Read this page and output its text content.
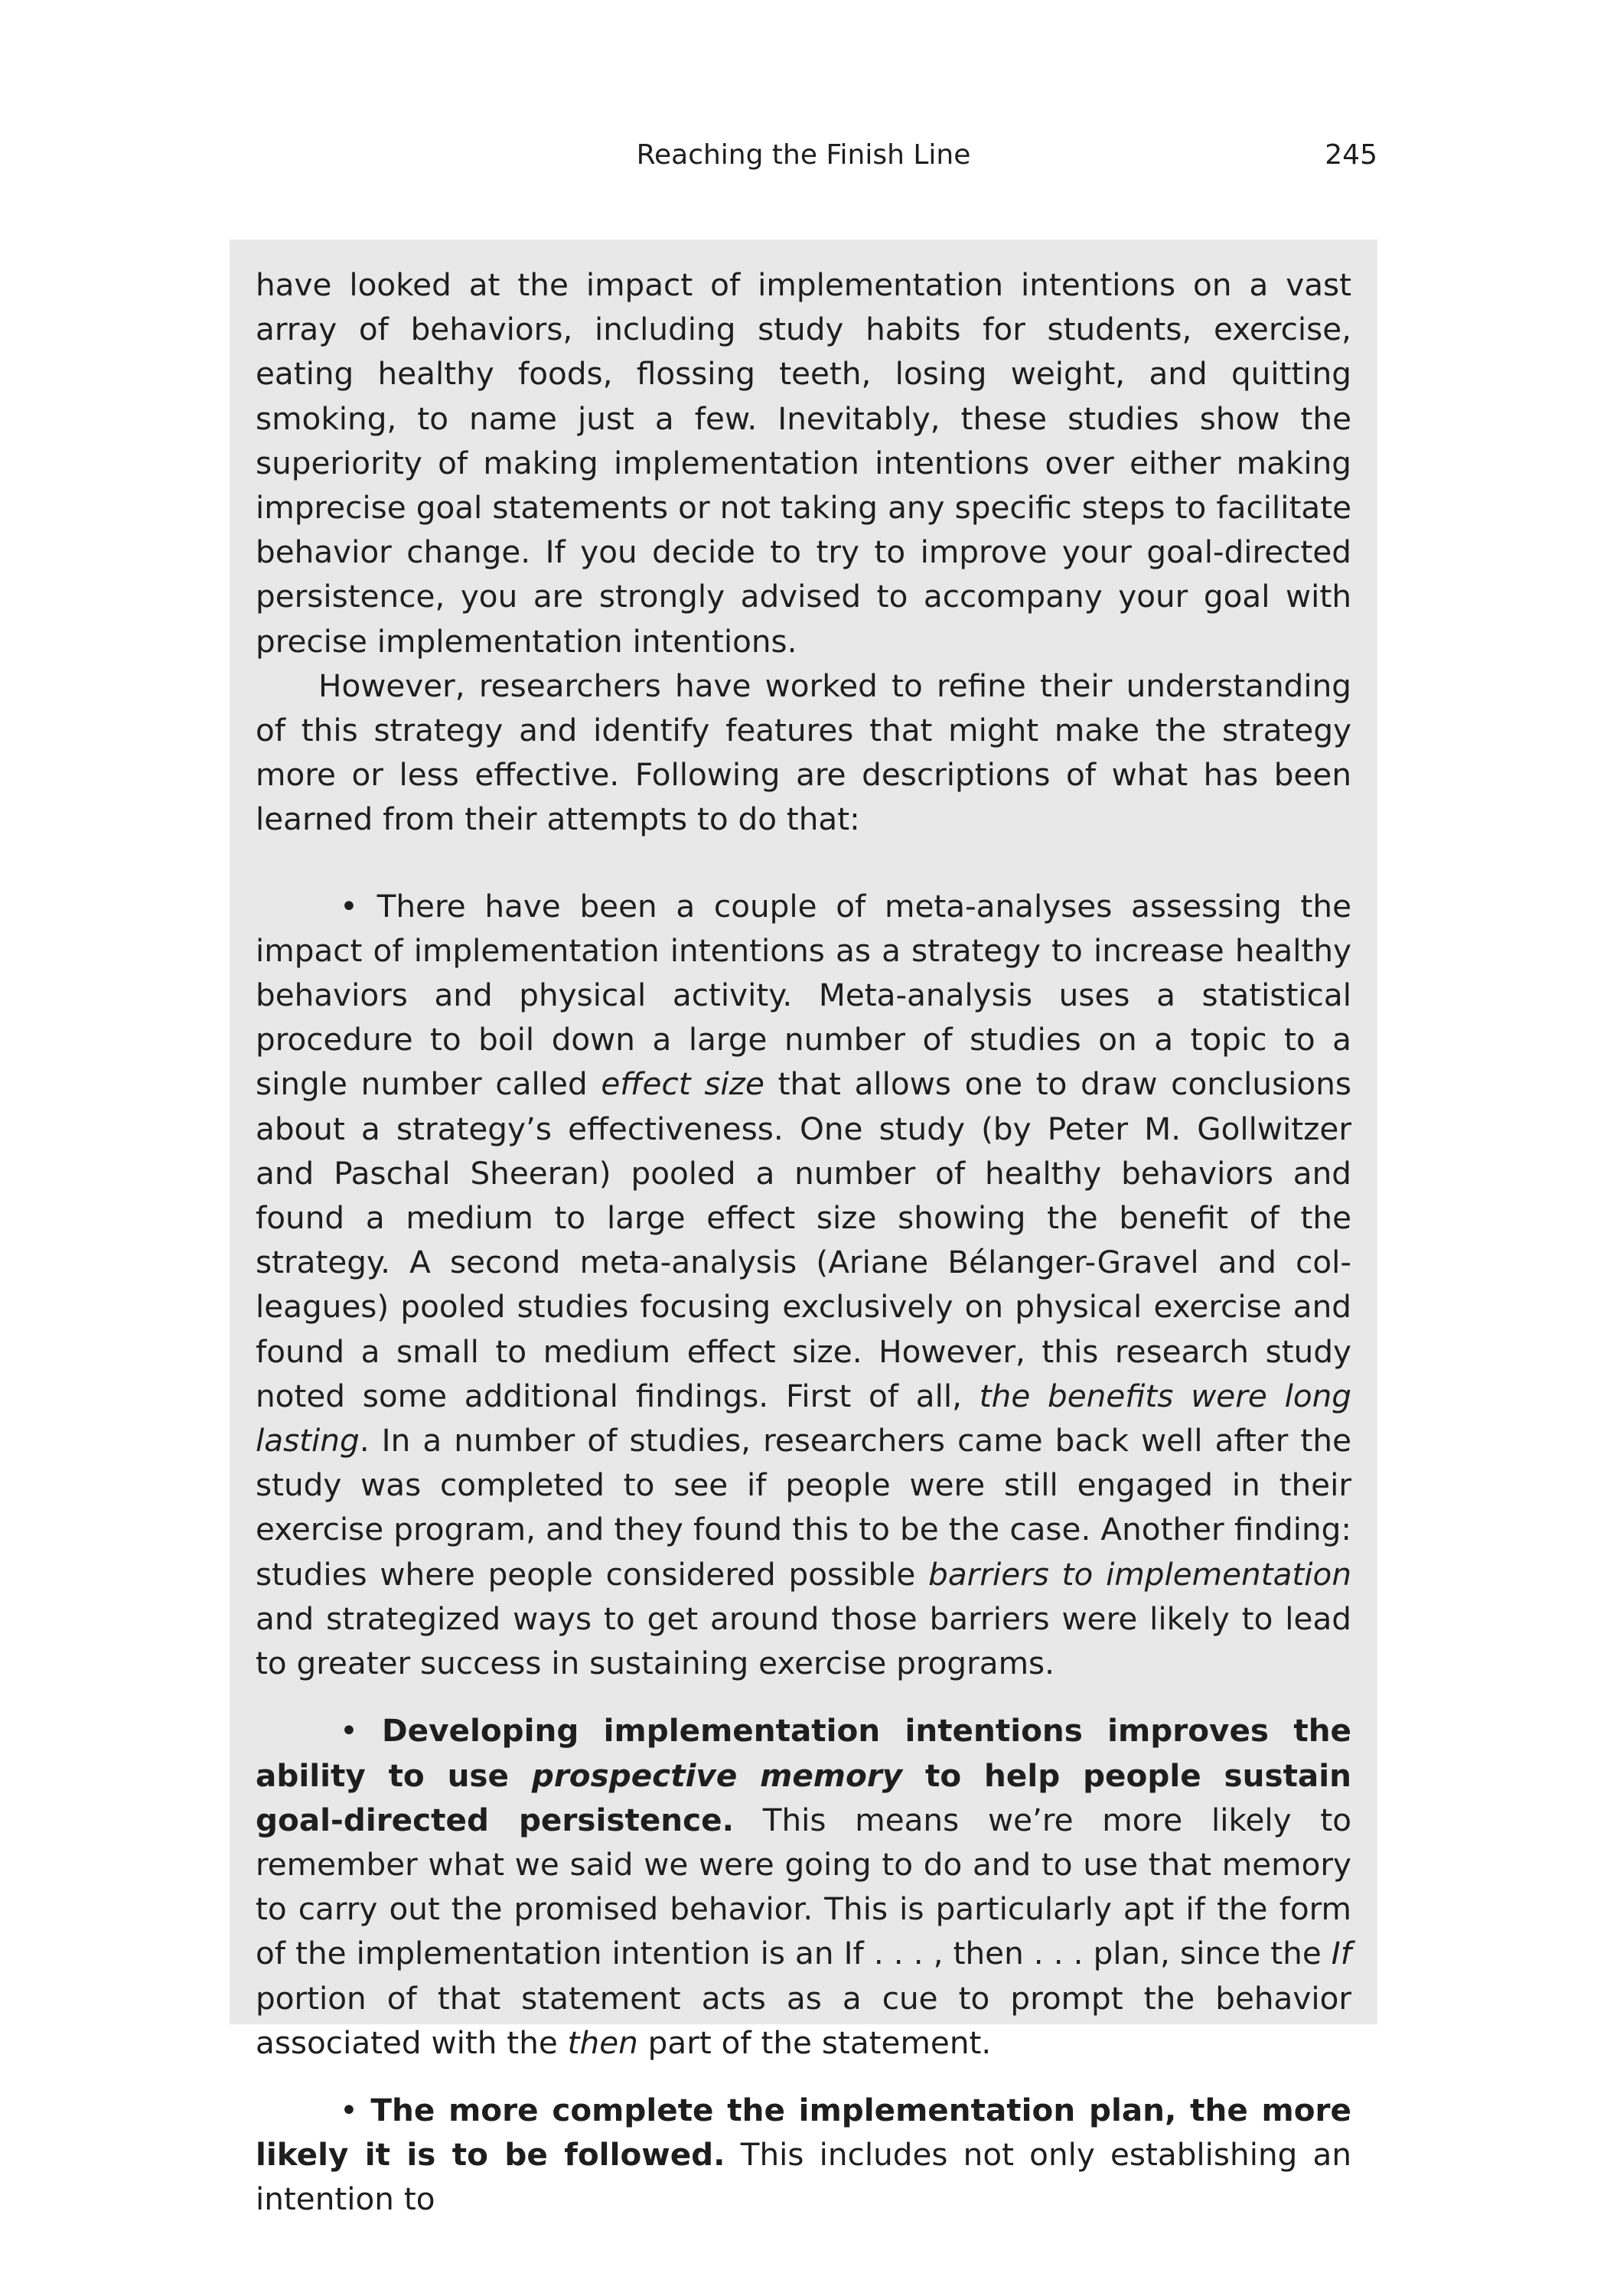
Reaching the Finish Line	245

have looked at the impact of implementation intentions on a vast array of behaviors, including study habits for students, exercise, eating healthy foods, flossing teeth, losing weight, and quitting smoking, to name just a few. Inevitably, these studies show the superiority of making implementation intentions over either making imprecise goal statements or not taking any specific steps to facilitate behavior change. If you decide to try to improve your goal-directed persistence, you are strongly advised to accompany your goal with precise implementation intentions.

However, researchers have worked to refine their understanding of this strategy and identify features that might make the strategy more or less effective. Following are descriptions of what has been learned from their attempts to do that:

• There have been a couple of meta-analyses assessing the impact of implementation intentions as a strategy to increase healthy behaviors and physical activity. Meta-analysis uses a statistical procedure to boil down a large number of studies on a topic to a single number called effect size that allows one to draw conclusions about a strategy’s effectiveness. One study (by Peter M. Gollwitzer and Paschal Sheeran) pooled a number of healthy behaviors and found a medium to large effect size showing the benefit of the strategy. A second meta-analysis (Ariane Bélanger-Gravel and colleagues) pooled studies focusing exclusively on physical exercise and found a small to medium effect size. However, this research study noted some additional findings. First of all, the benefits were long lasting. In a number of studies, researchers came back well after the study was completed to see if people were still engaged in their exercise program, and they found this to be the case. Another finding: studies where people considered possible barriers to implementation and strategized ways to get around those barriers were likely to lead to greater success in sustaining exercise programs.

• Developing implementation intentions improves the ability to use prospective memory to help people sustain goal-directed persistence. This means we’re more likely to remember what we said we were going to do and to use that memory to carry out the promised behavior. This is particularly apt if the form of the implementation intention is an If . . . , then . . . plan, since the If portion of that statement acts as a cue to prompt the behavior associated with the then part of the statement.

• The more complete the implementation plan, the more likely it is to be followed. This includes not only establishing an intention to
